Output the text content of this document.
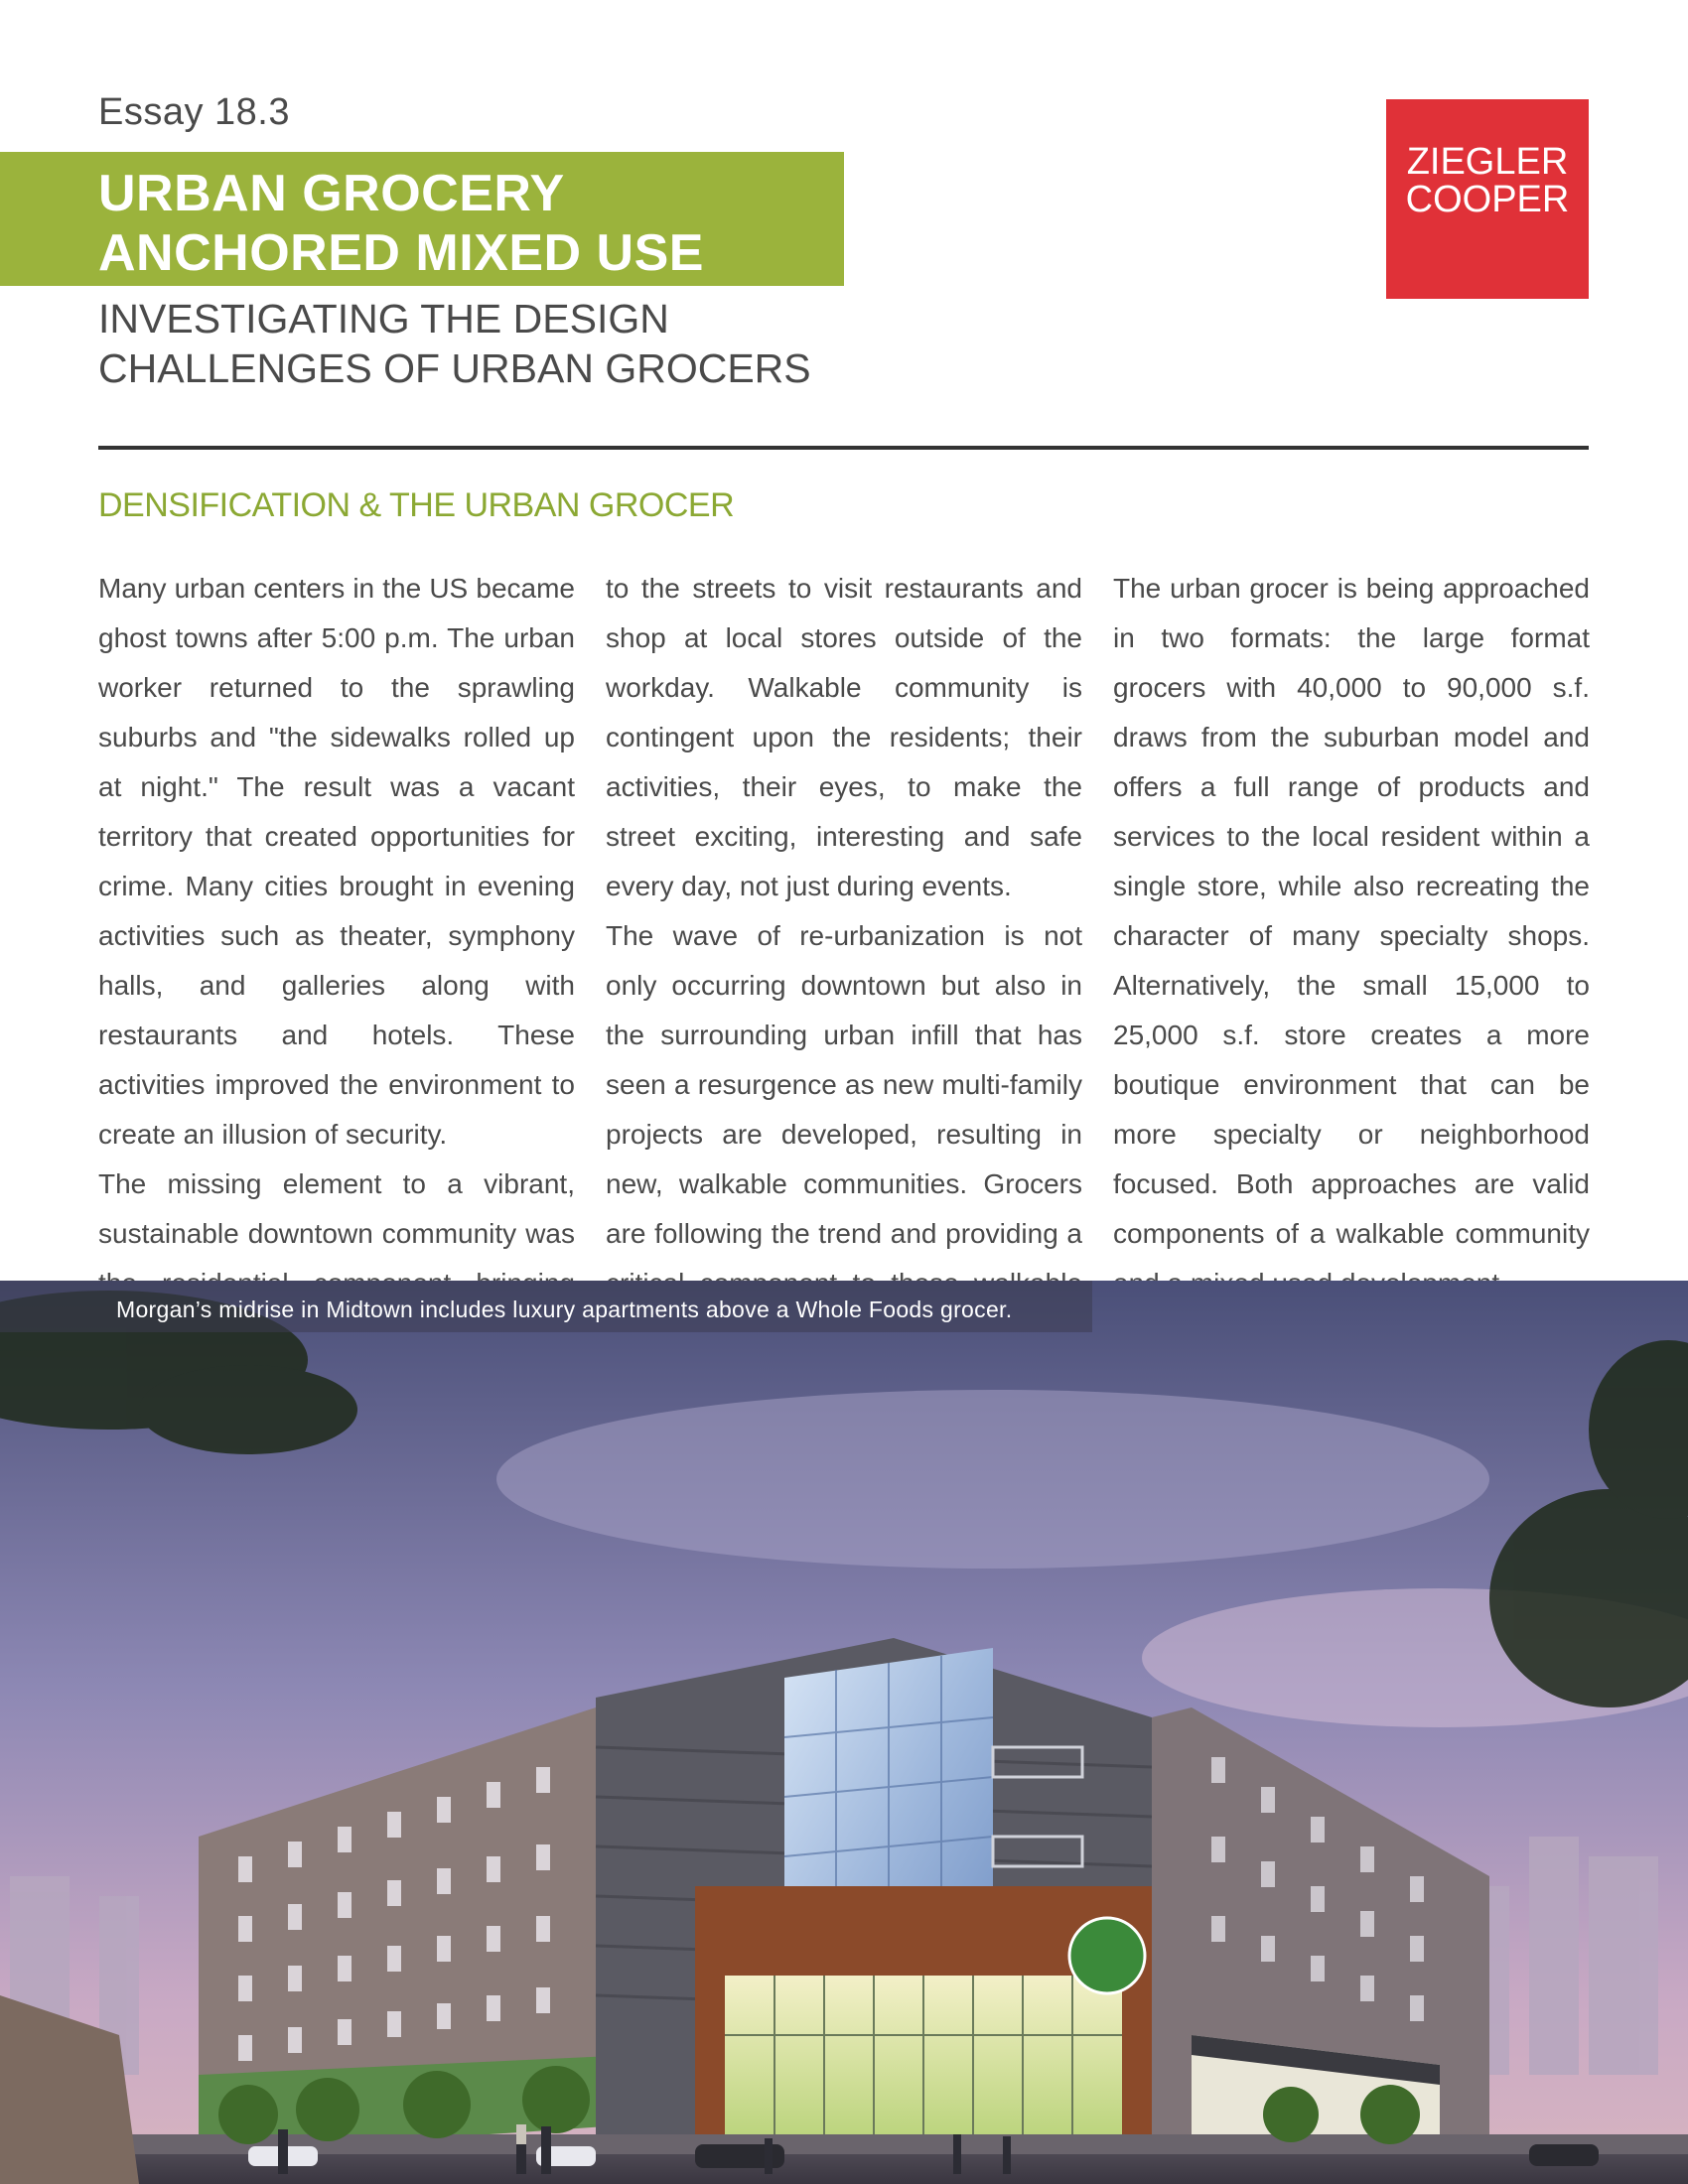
Essay 18.3
URBAN GROCERY
ANCHORED MIXED USE
INVESTIGATING THE DESIGN
CHALLENGES OF URBAN GROCERS
ZIEGLER
COOPER
DENSIFICATION & THE URBAN GROCER

Many urban centers in the US became ghost towns after 5:00 p.m. The urban worker returned to the sprawling suburbs and "the sidewalks rolled up at night." The result was a vacant territory that created opportunities for crime. Many cities brought in evening activities such as theater, symphony halls, and galleries along with restaurants and hotels. These activities improved the environment to create an illusion of security.

The missing element to a vibrant, sustainable downtown community was

to the streets to visit restaurants and shop at local stores outside of the workday. Walkable community is contingent upon the residents; their activities, their eyes, to make the street exciting, interesting and safe every day, not just during events.

The wave of re-urbanization is not only occurring downtown but also in the surrounding urban infill that has seen a resurgence as new multi-family projects are developed, resulting in new, walkable communities. Grocers are following the trend and providing a

The urban grocer is being approached in two formats: the large format grocers with 40,000 to 90,000 s.f. draws from the suburban model and offers a full range of products and services to the local resident within a single store, while also recreating the character of many specialty shops. Alternatively, the small 15,000 to 25,000 s.f. store creates a more boutique environment that can be more specialty or neighborhood focused. Both approaches are valid components of a walkable community

Morgan’s midrise in Midtown includes luxury apartments above a Whole Foods grocer.
